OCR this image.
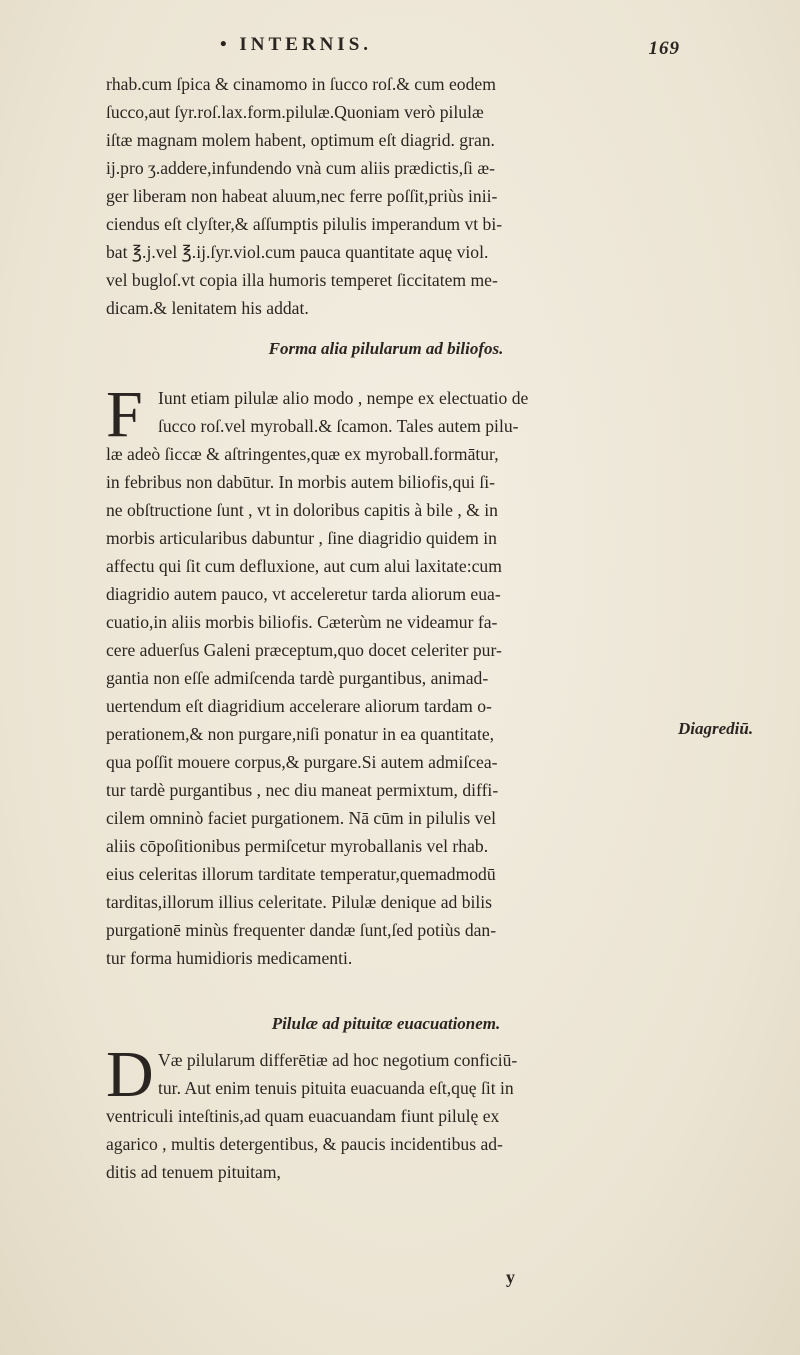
• INTERNIS.	169
rhab.cum ſpica & cinamomo in ſucco roſ.& cum eodem
ſucco,aut ſyr.roſ.lax.form.pilulæ.Quoniam verò pilulæ
iſtæ magnam molem habent, optimum eſt diagrid. gran.
ij.pro ʒ.addere,infundendo vnà cum aliis prædictis,ſi æ-
ger liberam non habeat aluum,nec ferre poſſit,priùs inii-
ciendus eſt clyſter,& aſſumptis pilulis imperandum vt bi-
bat ℥.j.vel ℥.ij.ſyr.viol.cum pauca quantitate aquę viol.
vel bugloſ.vt copia illa humoris temperet ſiccitatem me-
dicam.& lenitatem his addat.
Forma alia pilularum ad biliofos.
F Iunt etiam pilulæ alio modo , nempe ex electuatio de
ſucco roſ.vel myroball.& ſcamon. Tales autem pilu-
læ adeò ſiccæ & aſtringentes,quæ ex myroball.formātur,
in febribus non dabūtur. In morbis autem biliofis,qui ſi-
ne obſtructione ſunt , vt in doloribus capitis à bile , & in
morbis articularibus dabuntur , ſine diagridio quidem in
affectu qui ſit cum defluxione, aut cum alui laxitate:cum
diagridio autem pauco, vt acceleretur tarda aliorum eua-
cuatio,in aliis morbis biliofis. Cæterùm ne videamur fa-
cere aduerſus Galeni præceptum,quo docet celeriter pur-
gantia non eſſe admiſcenda tardè purgantibus, animad-
uertendum eſt diagridium accelerare aliorum tardam o-
perationem,& non purgare,niſi ponatur in ea quantitate,
qua poſſit mouere corpus,& purgare.Si autem admiſcea-
tur tardè purgantibus , nec diu maneat permixtum, diffi-
cilem omninò faciet purgationem. Nā cūm in pilulis vel
aliis cōpoſitionibus permiſcetur myroballanis vel rhab.
eius celeritas illorum tarditate temperatur,quemadmodū
tarditas,illorum illius celeritate. Pilulæ denique ad bilis
purgationē minùs frequenter dandæ ſunt,ſed potiùs dan-
tur forma humidioris medicamenti.
Diagrediū.
Pilulæ ad pituitæ euacuationem.
D Væ pilularum differētiæ ad hoc negotium conficiū-
tur. Aut enim tenuis pituita euacuanda eſt,quę ſit in
ventriculi inteſtinis,ad quam euacuandam fiunt pilulę ex
agarico , multis detergentibus, & paucis incidentibus ad-
ditis ad tenuem pituitam,
y
